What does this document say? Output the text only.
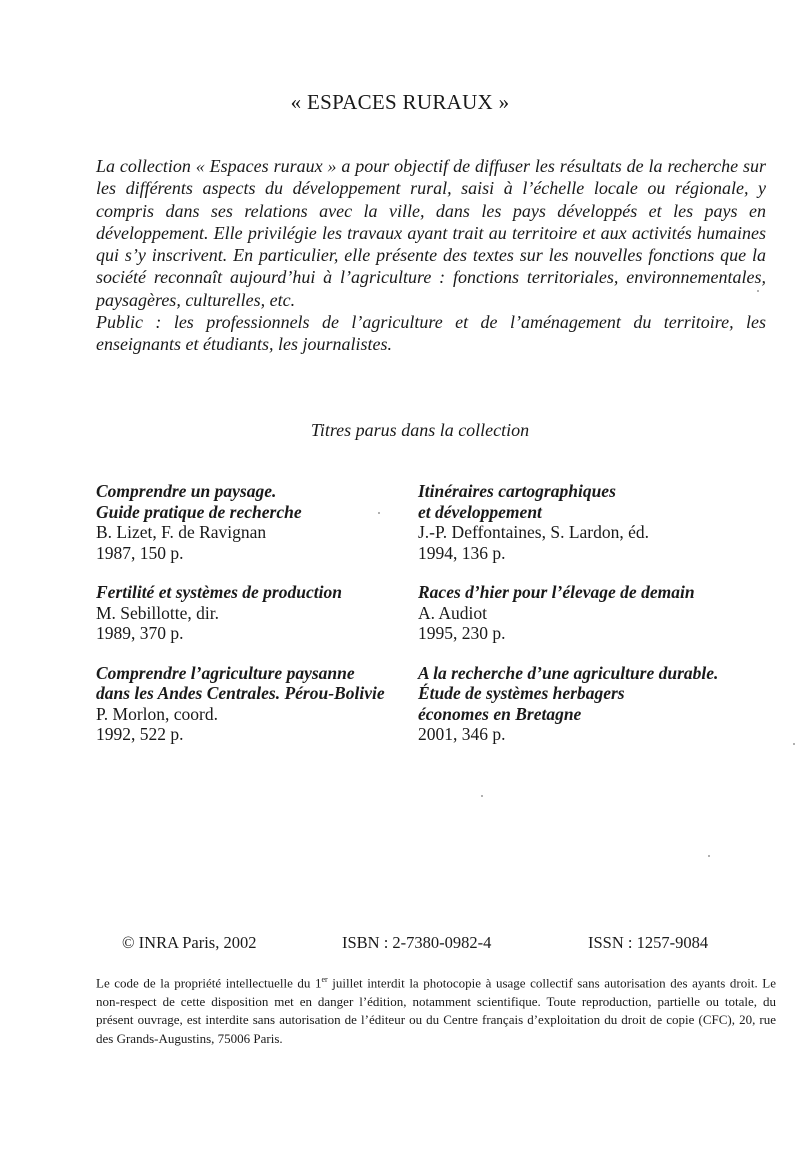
« ESPACES RURAUX »

La collection « Espaces ruraux » a pour objectif de diffuser les résultats de la recherche sur les différents aspects du développement rural, saisi à l’échelle locale ou régionale, y compris dans ses relations avec la ville, dans les pays développés et les pays en développement. Elle privilégie les travaux ayant trait au territoire et aux activités humaines qui s’y inscrivent. En particulier, elle présente des textes sur les nouvelles fonctions que la société reconnaît aujourd’hui à l’agriculture : fonctions territoriales, environnementales, paysagères, culturelles, etc.

Public : les professionnels de l’agriculture et de l’aménagement du territoire, les enseignants et étudiants, les journalistes.

Titres parus dans la collection
Comprendre un paysage.
Guide pratique de recherche
B. Lizet, F. de Ravignan
1987, 150 p.
Fertilité et systèmes de production
M. Sebillotte, dir.
1989, 370 p.
Comprendre l’agriculture paysanne
dans les Andes Centrales. Pérou-Bolivie
P. Morlon, coord.
1992, 522 p.
Itinéraires cartographiques
et développement
J.-P. Deffontaines, S. Lardon, éd.
1994, 136 p.
Races d’hier pour l’élevage de demain
A. Audiot
1995, 230 p.
A la recherche d’une agriculture durable.
Étude de systèmes herbagers
économes en Bretagne
2001, 346 p.
© INRA Paris, 2002	ISBN : 2-7380-0982-4	ISSN : 1257-9084
Le code de la propriété intellectuelle du 1er juillet interdit la photocopie à usage collectif sans autorisation des ayants droit. Le non-respect de cette disposition met en danger l’édition, notamment scientifique. Toute reproduction, partielle ou totale, du présent ouvrage, est interdite sans autorisation de l’éditeur ou du Centre français d’exploitation du droit de copie (CFC), 20, rue des Grands-Augustins, 75006 Paris.
